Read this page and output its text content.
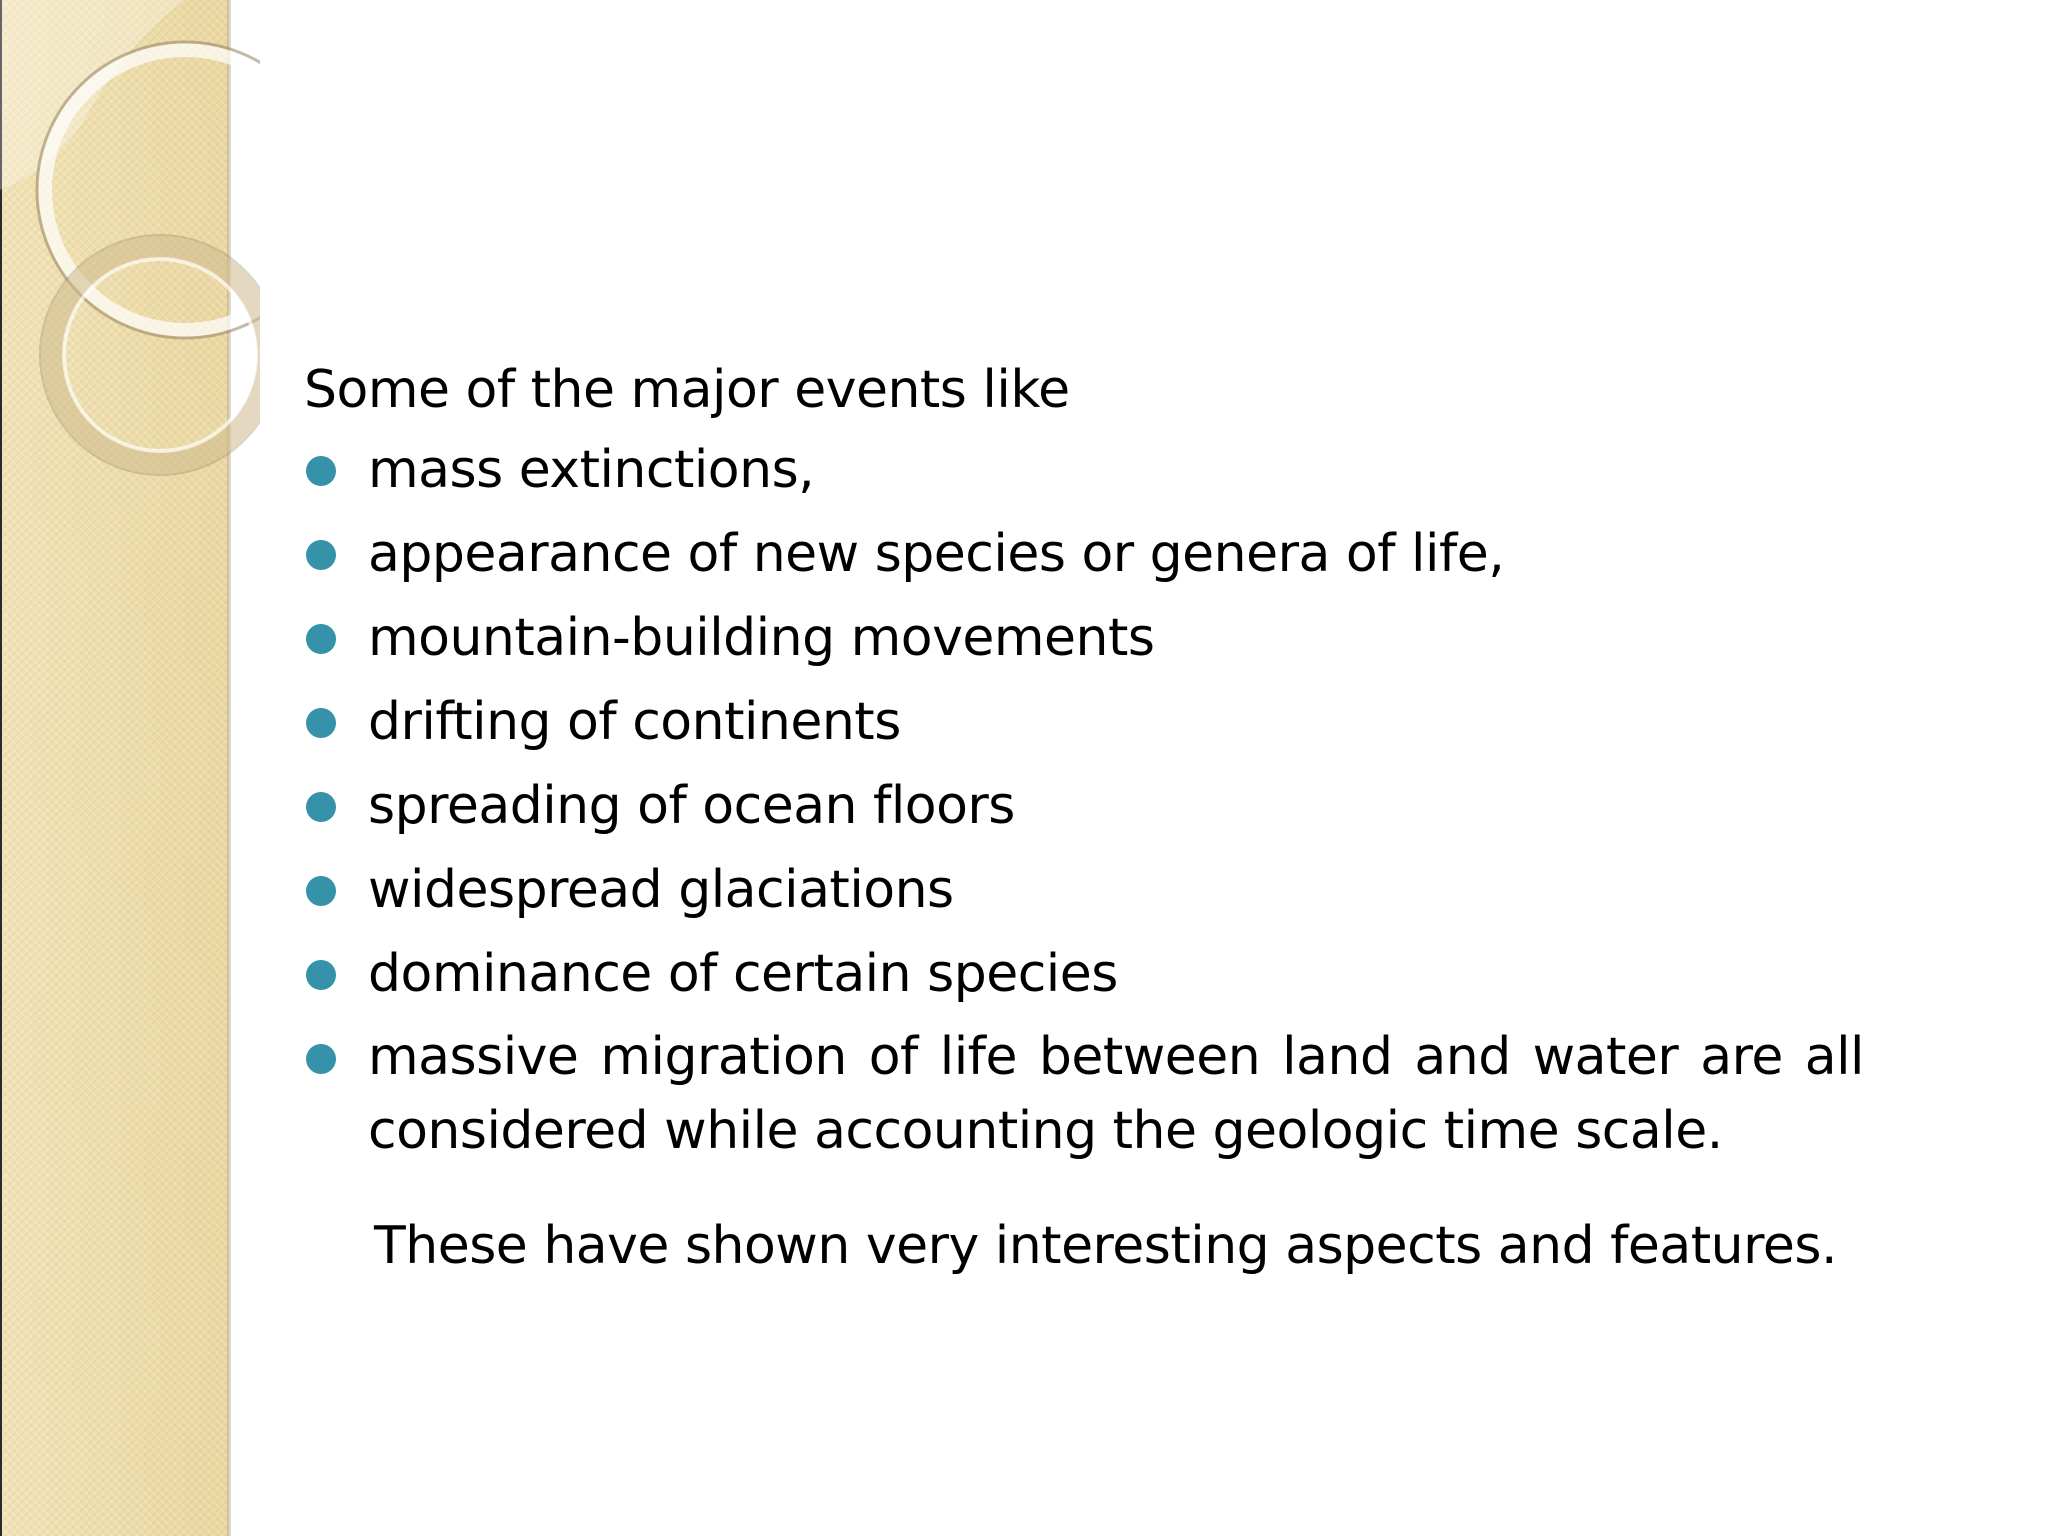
Some of the major events like
mass extinctions,
appearance of new species or genera of life,
mountain-building movements
drifting of continents
spreading of ocean floors
widespread glaciations
dominance of certain species
massive migration of life between land and water are all considered while accounting the geologic time scale.
These have shown very interesting aspects and features.
